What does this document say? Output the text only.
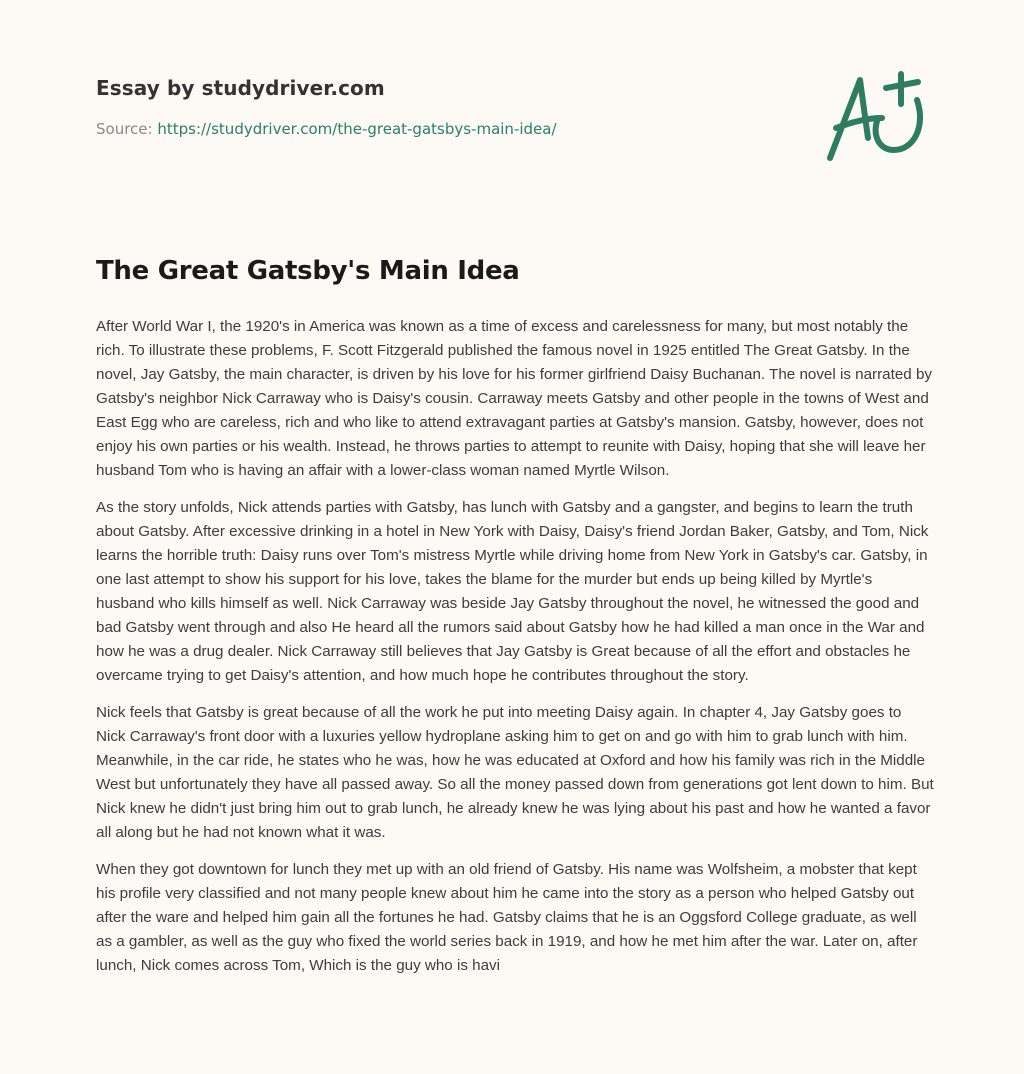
Essay by studydriver.com
Source: https://studydriver.com/the-great-gatsbys-main-idea/
The Great Gatsby's Main Idea

After World War I, the 1920's in America was known as a time of excess and carelessness for many, but most notably the rich. To illustrate these problems, F. Scott Fitzgerald published the famous novel in 1925 entitled The Great Gatsby. In the novel, Jay Gatsby, the main character, is driven by his love for his former girlfriend Daisy Buchanan. The novel is narrated by Gatsby's neighbor Nick Carraway who is Daisy's cousin. Carraway meets Gatsby and other people in the towns of West and East Egg who are careless, rich and who like to attend extravagant parties at Gatsby's mansion. Gatsby, however, does not enjoy his own parties or his wealth. Instead, he throws parties to attempt to reunite with Daisy, hoping that she will leave her husband Tom who is having an affair with a lower-class woman named Myrtle Wilson.

As the story unfolds, Nick attends parties with Gatsby, has lunch with Gatsby and a gangster, and begins to learn the truth about Gatsby. After excessive drinking in a hotel in New York with Daisy, Daisy's friend Jordan Baker, Gatsby, and Tom, Nick learns the horrible truth: Daisy runs over Tom's mistress Myrtle while driving home from New York in Gatsby's car. Gatsby, in one last attempt to show his support for his love, takes the blame for the murder but ends up being killed by Myrtle's husband who kills himself as well. Nick Carraway was beside Jay Gatsby throughout the novel, he witnessed the good and bad Gatsby went through and also He heard all the rumors said about Gatsby how he had killed a man once in the War and how he was a drug dealer. Nick Carraway still believes that Jay Gatsby is Great because of all the effort and obstacles he overcame trying to get Daisy's attention, and how much hope he contributes throughout the story.

Nick feels that Gatsby is great because of all the work he put into meeting Daisy again. In chapter 4, Jay Gatsby goes to Nick Carraway's front door with a luxuries yellow hydroplane asking him to get on and go with him to grab lunch with him. Meanwhile, in the car ride, he states who he was, how he was educated at Oxford and how his family was rich in the Middle West but unfortunately they have all passed away. So all the money passed down from generations got lent down to him. But Nick knew he didn't just bring him out to grab lunch, he already knew he was lying about his past and how he wanted a favor all along but he had not known what it was.

When they got downtown for lunch they met up with an old friend of Gatsby. His name was Wolfsheim, a mobster that kept his profile very classified and not many people knew about him he came into the story as a person who helped Gatsby out after the ware and helped him gain all the fortunes he had. Gatsby claims that he is an Oggsford College graduate, as well as a gambler, as well as the guy who fixed the world series back in 1919, and how he met him after the war. Later on, after lunch, Nick comes across Tom, Which is the guy who is havi
